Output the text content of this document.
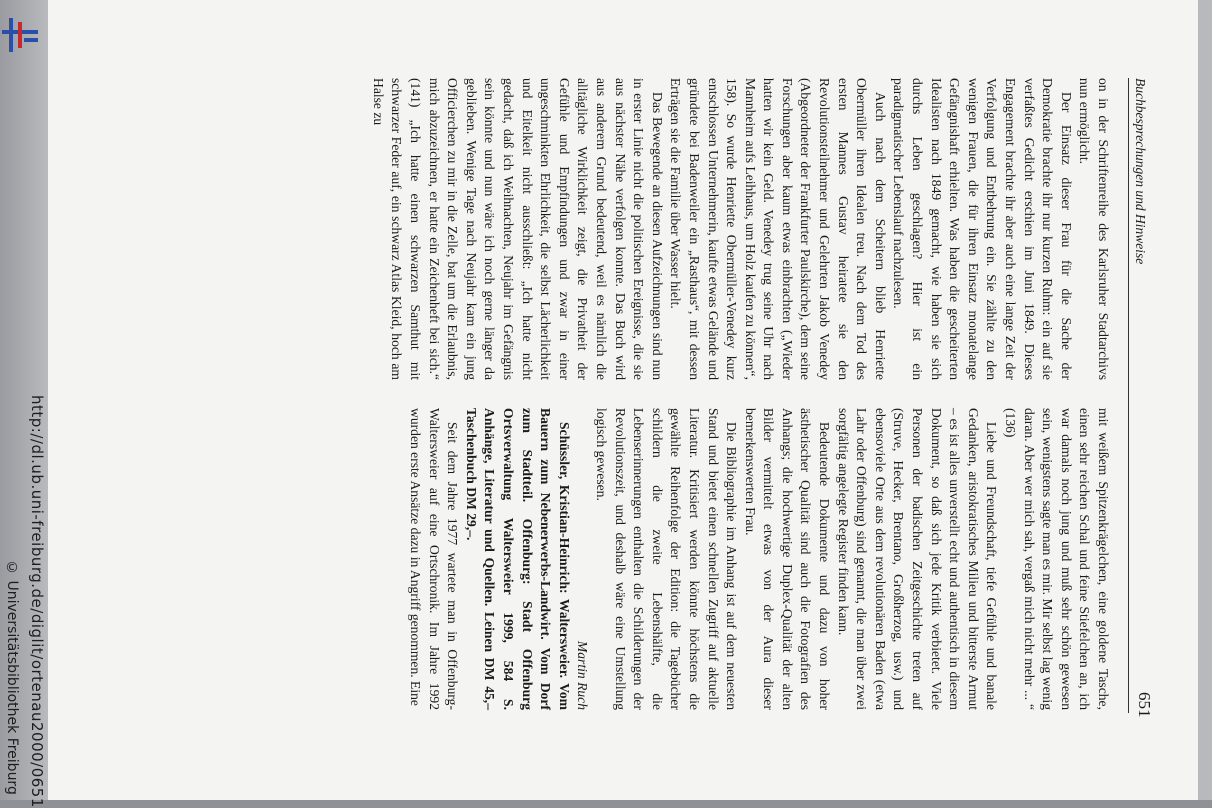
http://dl.ub.uni-freiburg.de/diglit/ortenau2000/0651
© Universitätsbibliothek Freiburg
Buchbesprechungen und Hinweise
651

on in der Schriftenreihe des Karlsruher Stadtarchivs nun ermöglicht.

Der Einsatz dieser Frau für die Sache der Demokratie brachte ihr nur kurzen Ruhm: ein auf sie verfaßtes Gedicht erschien im Juni 1849. Dieses Engagement brachte ihr aber auch eine lange Zeit der Verfolgung und Entbehrung ein. Sie zählte zu den wenigen Frauen, die für ihren Einsatz monatelange Gefängnishaft erhielten. Was haben die gescheiterten Idealisten nach 1849 gemacht, wie haben sie sich durchs Leben geschlagen? Hier ist ein paradigmatischer Lebenslauf nachzulesen.

Auch nach dem Scheitern blieb Henriette Obermüller ihren Idealen treu. Nach dem Tod des ersten Mannes Gustav heiratete sie den Revolutionsteilnehmer und Gelehrten Jakob Venedey (Abgeordneter der Frankfurter Paulskirche), dem seine Forschungen aber kaum etwas einbrachten („Wieder hatten wir kein Geld. Venedey trug seine Uhr nach Mannheim aufs Leihhaus, um Holz kaufen zu können“, 158). So wurde Henriette Obermüller-Venedey kurz entschlossen Unternehmerin, kaufte etwas Gelände und gründete bei Badenweiler ein „Rasthaus“, mit dessen Erträgen sie die Familie über Wasser hielt.

Das Bewegende an diesen Aufzeichnungen sind nun in erster Linie nicht die politischen Ereignisse, die sie aus nächster Nähe verfolgen konnte. Das Buch wird aus anderem Grund bedeutend, weil es nämlich die alltägliche Wirklichkeit zeigt, die Privatheit der Gefühle und Empfindungen und zwar in einer ungeschminkten Ehrlichkeit, die selbst Lächerlichkeit und Eitelkeit nicht ausschließt: „Ich hatte nicht gedacht, daß ich Weihnachten, Neujahr im Gefängnis sein könnte und nun wäre ich noch gerne länger da geblieben. Wenige Tage nach Neujahr kam ein jung Officierchen zu mir in die Zelle, bat um die Erlaubnis, mich abzuzeichnen, er hatte ein Zeichenheft bei sich.“ (141) „Ich hatte einen schwarzen Samthut mit schwarzer Feder auf, ein schwarz Atlas Kleid, hoch am Halse zu

mit weißem Spitzenkrägelchen, eine goldene Tasche, einen sehr reichen Schal und feine Stiefelchen an, ich war damals noch jung und muß sehr schön gewesen sein, wenigstens sagte man es mir. Mir selbst lag wenig daran. Aber wer mich sah, vergaß mich nicht mehr ... “ (136)

Liebe und Freundschaft, tiefe Gefühle und banale Gedanken, aristokratisches Milieu und bitterste Armut – es ist alles unverstellt echt und authentisch in diesem Dokument, so daß sich jede Kritik verbietet. Viele Personen der badischen Zeitgeschichte treten auf (Struve, Hecker, Brentano, Großherzog, usw.) und ebensoviele Orte aus dem revolutionären Baden (etwa Lahr oder Offenburg) sind genannt, die man über zwei sorgfältig angelegte Register finden kann.

Bedeutende Dokumente und dazu von hoher ästhetischer Qualität sind auch die Fotografien des Anhangs; die hochwertige Duplex-Qualität der alten Bilder vermittelt etwas von der Aura dieser bemerkenswerten Frau.

Die Bibliographie im Anhang ist auf dem neuesten Stand und bietet einen schnellen Zugriff auf aktuelle Literatur. Kritisiert werden könnte höchstens die gewählte Reihenfolge der Edition: die Tagebücher schildern die zweite Lebenshälfte, die Lebenserinnerungen enthalten die Schilderungen der Revolutionszeit, und deshalb wäre eine Umstellung logisch gewesen.

Martin Ruch

Schüssler, Kristian-Heinrich: Waltersweier. Vom Bauern zum Nebenerwerbs-Landwirt. Vom Dorf zum Stadtteil. Offenburg: Stadt Offenburg Ortsverwaltung Waltersweier 1999, 584 S. Anhänge, Literatur und Quellen. Leinen DM 45,– Taschenbuch DM 29,–.

Seit dem Jahre 1977 wartete man in Offenburg-Waltersweier auf eine Ortschronik. Im Jahre 1992 wurden erste Ansätze dazu in Angriff genommen. Eine
